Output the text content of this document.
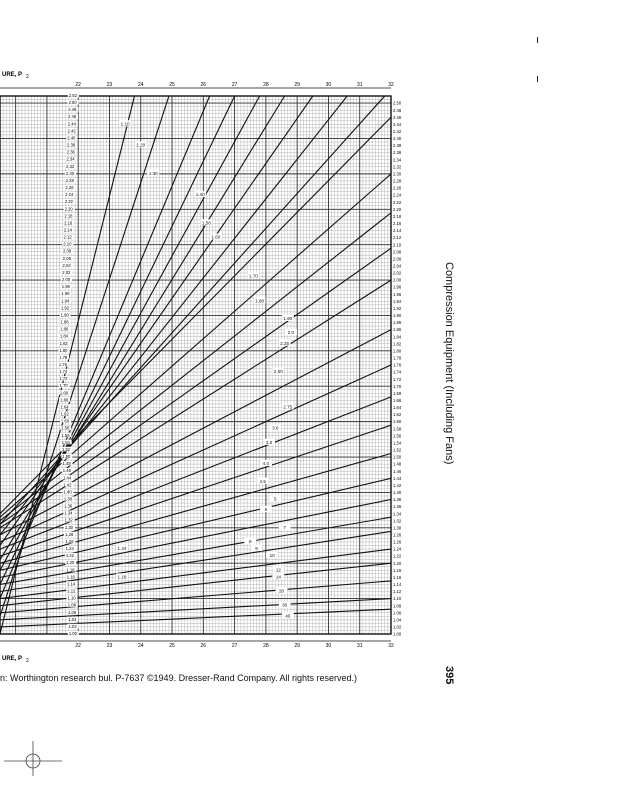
1.10
1.20
1.30
1.40
1.50
1.60
1.70
1.80
1.90
2.0
2.25
2.50
2.75
3.0
3.5
4.0
4.5
5
6
7
8
9
10
12
14
20
30
40
1.24
1.18
22
22
23
23
24
24
25
25
26
26
27
27
28
28
29
29
30
30
31
31
32
32
2.50
2.48
2.46
2.44
2.42
2.40
2.38
2.36
2.34
2.32
2.30
2.28
2.26
2.24
2.22
2.20
2.18
2.16
2.14
2.12
2.10
2.08
2.06
2.04
2.02
2.00
1.98
1.96
1.94
1.92
1.90
1.88
1.86
1.84
1.82
1.80
1.78
1.76
1.74
1.72
1.70
1.68
1.66
1.64
1.62
1.60
1.58
1.56
1.54
1.52
1.50
1.48
1.46
1.44
1.42
1.40
1.38
1.36
1.34
1.32
1.30
1.28
1.26
1.24
1.22
1.20
1.18
1.16
1.14
1.12
1.10
1.08
1.06
1.04
1.02
1.00
2.52
2.50
2.48
2.46
2.44
2.42
2.40
2.38
2.36
2.34
2.32
2.30
2.28
2.26
2.24
2.22
2.20
2.18
2.16
2.14
2.12
2.10
2.08
2.06
2.04
2.02
2.00
1.98
1.96
1.94
1.92
1.90
1.88
1.86
1.84
1.82
1.80
1.78
1.76
1.74
1.72
1.70
1.68
1.66
1.64
1.62
1.60
1.58
1.56
1.54
1.52
1.50
1.48
1.46
1.44
1.42
1.40
1.38
1.36
1.34
1.32
1.30
1.28
1.26
1.24
1.22
1.20
1.18
1.16
1.14
1.12
1.10
1.08
1.06
1.04
1.02
1.00
URE, P 2
URE, P 2
Compression Equipment (Including Fans)
395
n: Worthington research bul. P-7637 ©1949. Dresser-Rand Company. All rights reserved.)
